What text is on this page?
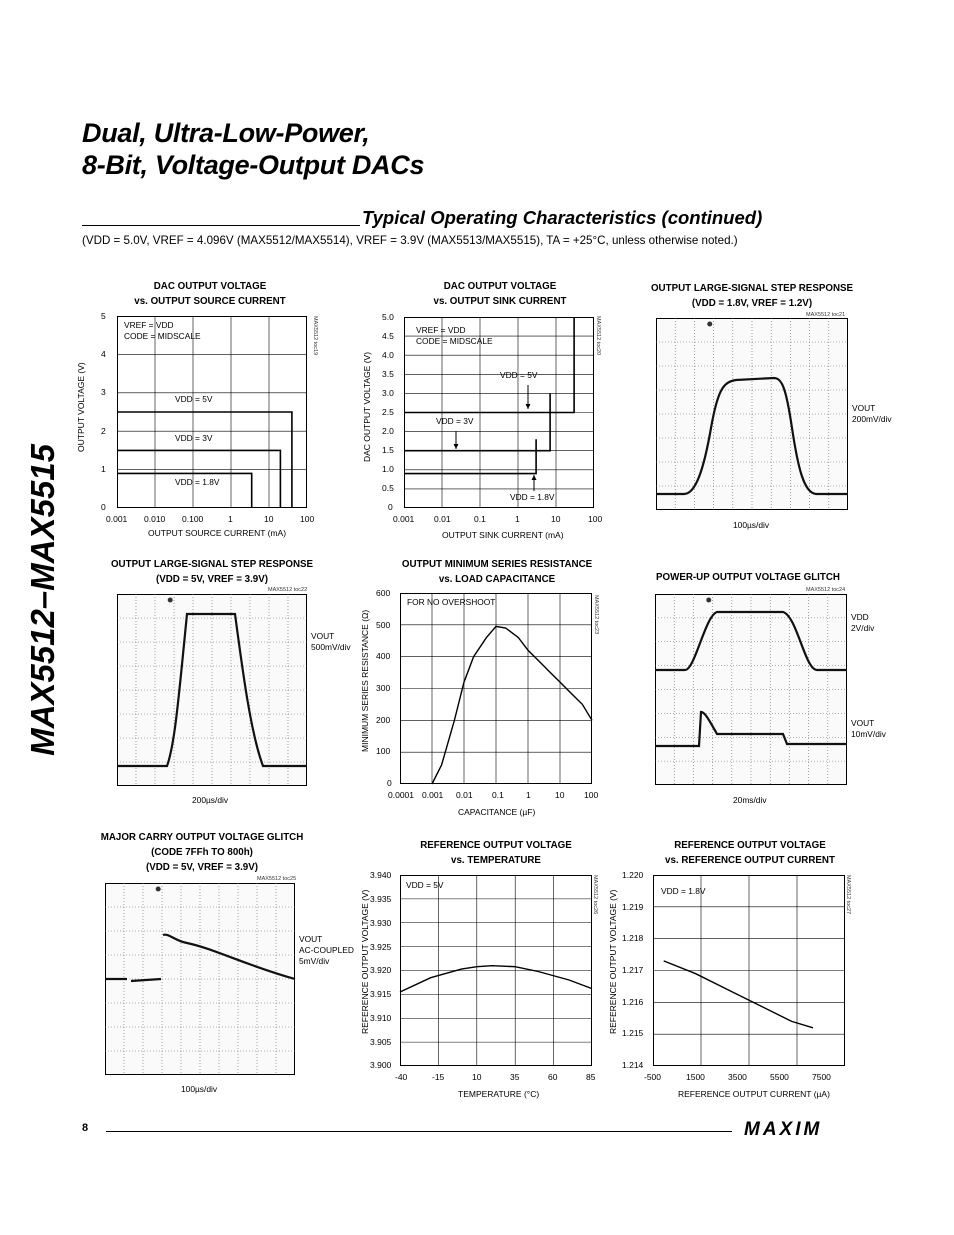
Dual, Ultra-Low-Power,
8-Bit, Voltage-Output DACs
MAX5512–MAX5515
Typical Operating Characteristics (continued)
(VDD = 5.0V, VREF = 4.096V (MAX5512/MAX5514), VREF = 3.9V (MAX5513/MAX5515), TA = +25°C, unless otherwise noted.)
DAC OUTPUT VOLTAGE
vs. OUTPUT SOURCE CURRENT
MAX5512 toc19
OUTPUT VOLTAGE (V)
OUTPUT SOURCE CURRENT (mA)
5
4
3
2
1
0
0.001 0.010 0.100	1	10	100
VREF = VDD
CODE = MIDSCALE
VDD = 5V
VDD = 3V
VDD = 1.8V
DAC OUTPUT VOLTAGE
vs. OUTPUT SINK CURRENT
MAX5512 toc20
DAC OUTPUT VOLTAGE (V)
OUTPUT SINK CURRENT (mA)
5.0
4.5
4.0
3.5
3.0
2.5
2.0
1.5
1.0
0.5
0
0.001 0.01	0.1	1	10	100
VREF = VDD
CODE = MIDSCALE
VDD = 5V
VDD = 3V
VDD = 1.8V
OUTPUT LARGE-SIGNAL STEP RESPONSE
(VDD = 1.8V, VREF = 1.2V)
MAX5512 toc21
VOUT
200mV/div
100µs/div
OUTPUT LARGE-SIGNAL STEP RESPONSE
(VDD = 5V, VREF = 3.9V)
MAX5512 toc22
VOUT
500mV/div
200µs/div
OUTPUT MINIMUM SERIES RESISTANCE
vs. LOAD CAPACITANCE
MAX5512 toc23
MINIMUM SERIES RESISTANCE (Ω)
CAPACITANCE (µF)
600
500
400
300
200
100
0
0.0001 0.001 0.01 0.1	1	10 100
FOR NO OVERSHOOT
POWER-UP OUTPUT VOLTAGE GLITCH
MAX5512 toc24
VDD
2V/div
VOUT
10mV/div
20ms/div
MAJOR CARRY OUTPUT VOLTAGE GLITCH
(CODE 7FFh TO 800h)
(VDD = 5V, VREF = 3.9V)
MAX5512 toc25
VOUT
AC-COUPLED
5mV/div
100µs/div
REFERENCE OUTPUT VOLTAGE
vs. TEMPERATURE
MAX5512 toc26
REFERENCE OUTPUT VOLTAGE (V)
TEMPERATURE (°C)
3.940
3.935
3.930
3.925
3.920
3.915
3.910
3.905
3.900
-40	-15	10	35	60	85
VDD = 5V
REFERENCE OUTPUT VOLTAGE
vs. REFERENCE OUTPUT CURRENT
MAX5512 toc27
REFERENCE OUTPUT VOLTAGE (V)
REFERENCE OUTPUT CURRENT (µA)
1.220
1.219
1.218
1.217
1.216
1.215
1.214
-500	1500	3500	5500	7500
VDD = 1.8V
8	MAXIM
